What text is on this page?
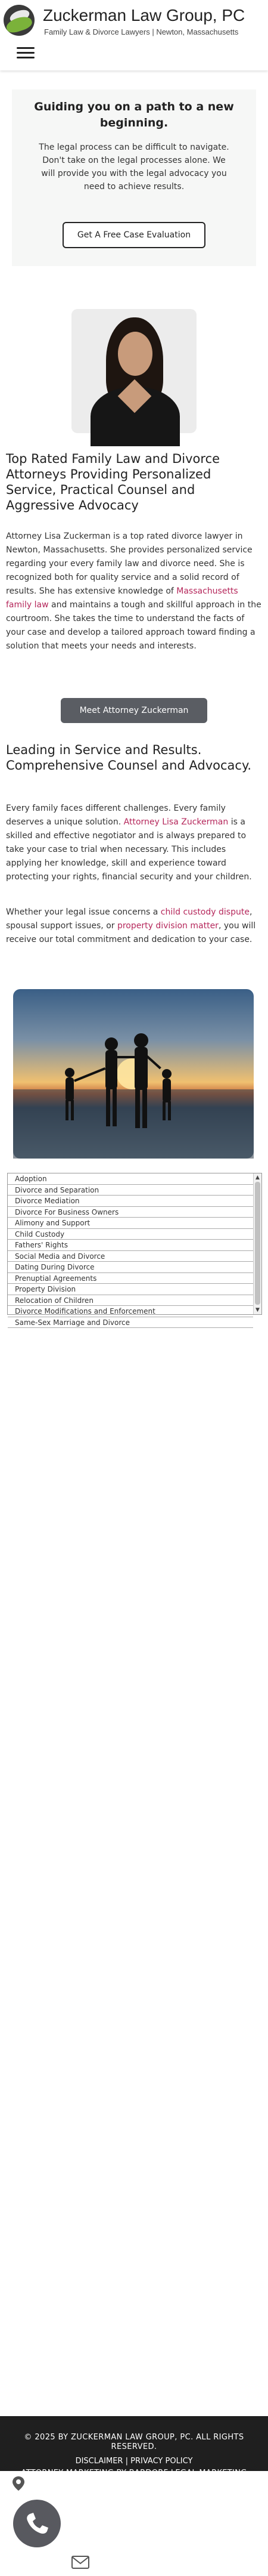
Zuckerman Law Group, PC
Family Law & Divorce Lawyers | Newton, Massachusetts
Guiding you on a path to a new beginning.

The legal process can be difficult to navigate. Don't take on the legal processes alone. We will provide you with the legal advocacy you need to achieve results.

Get A Free Case Evaluation
Top Rated Family Law and Divorce Attorneys Providing Personalized Service, Practical Counsel and Aggressive Advocacy

Attorney Lisa Zuckerman is a top rated divorce lawyer in Newton, Massachusetts. She provides personalized service regarding your every family law and divorce need. She is recognized both for quality service and a solid record of results. She has extensive knowledge of Massachusetts family law and maintains a tough and skillful approach in the courtroom. She takes the time to understand the facts of your case and develop a tailored approach toward finding a solution that meets your needs and interests.

Meet Attorney Zuckerman
Leading in Service and Results. Comprehensive Counsel and Advocacy.

Every family faces different challenges. Every family deserves a unique solution. Attorney Lisa Zuckerman is a skilled and effective negotiator and is always prepared to take your case to trial when necessary. This includes applying her knowledge, skill and experience toward protecting your rights, financial security and your children.

Whether your legal issue concerns a child custody dispute, spousal support issues, or property division matter, you will receive our total commitment and dedication to your case.

Adoption
Divorce and Separation
Divorce Mediation
Divorce For Business Owners
Alimony and Support
Child Custody
Fathers' Rights
Social Media and Divorce
Dating During Divorce
Prenuptial Agreements
Property Division
Relocation of Children
Divorce Modifications and Enforcement
Same-Sex Marriage and Divorce
▲
▼
© 2025 BY ZUCKERMAN LAW GROUP, PC. ALL RIGHTS RESERVED.
DISCLAIMER | PRIVACY POLICY
